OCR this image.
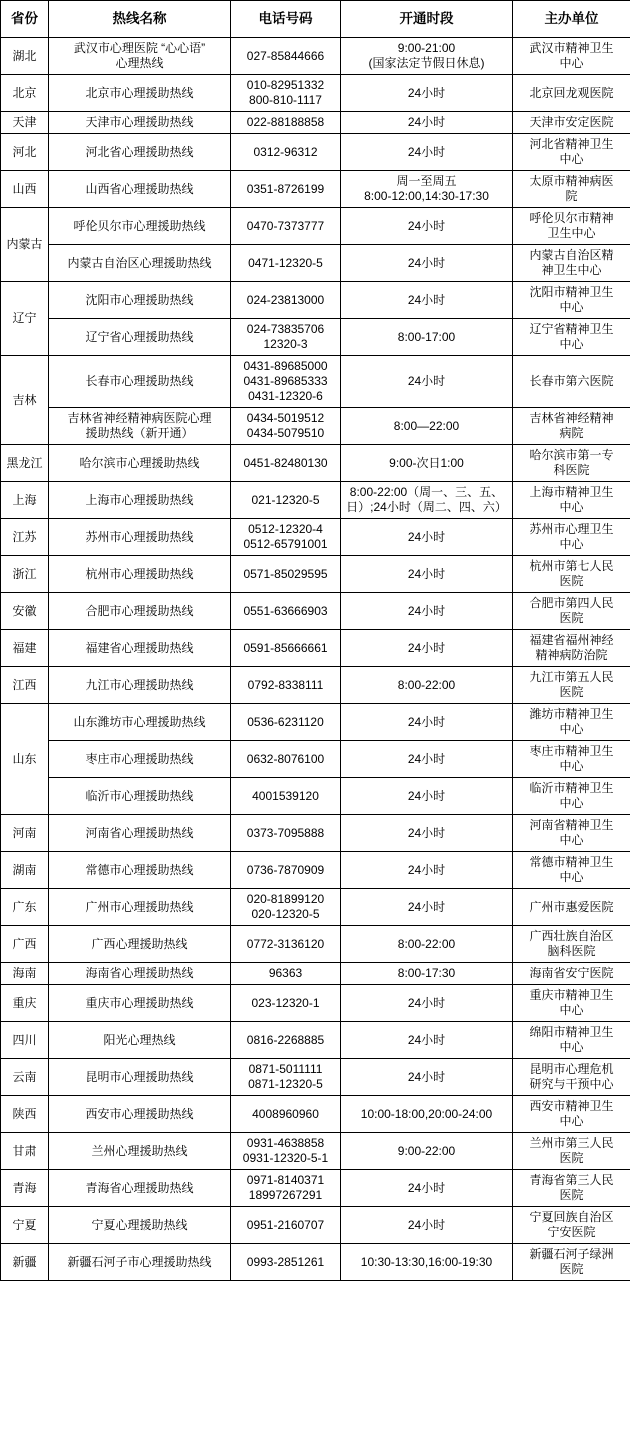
省份	热线名称	电话号码	开通时段	主办单位
湖北	武汉市心理医院 “心心语”
心理热线	027-85844666	9:00-21:00
(国家法定节假日休息)	武汉市精神卫生
中心

北京	北京市心理援助热线	010-82951332
800-810-1117	24小时	北京回龙观医院

天津	天津市心理援助热线	022-88188858	24小时	天津市安定医院

河北	河北省心理援助热线	0312-96312	24小时	河北省精神卫生
中心

山西	山西省心理援助热线	0351-8726199	周一至周五
8:00-12:00,14:30-17:30	太原市精神病医
院

内蒙古	呼伦贝尔市心理援助热线	0470-7373777	24小时	呼伦贝尔市精神
卫生中心

	内蒙古自治区心理援助热线	0471-12320-5	24小时	内蒙古自治区精
神卫生中心

辽宁	沈阳市心理援助热线	024-23813000	24小时	沈阳市精神卫生
中心

	辽宁省心理援助热线	024-73835706
12320-3	8:00-17:00	辽宁省精神卫生
中心

吉林	长春市心理援助热线	0431-89685000
0431-89685333
0431-12320-6	24小时	长春市第六医院

	吉林省神经精神病医院心理
援助热线（新开通）	0434-5019512
0434-5079510	8:00—22:00	吉林省神经精神
病院

黑龙江	哈尔滨市心理援助热线	0451-82480130	9:00-次日1:00	哈尔滨市第一专
科医院

上海	上海市心理援助热线	021-12320-5	8:00-22:00（周一、三、五、
日）;24小时（周二、四、六）	上海市精神卫生
中心

江苏	苏州市心理援助热线	0512-12320-4
0512-65791001	24小时	苏州市心理卫生
中心

浙江	杭州市心理援助热线	0571-85029595	24小时	杭州市第七人民
医院

安徽	合肥市心理援助热线	0551-63666903	24小时	合肥市第四人民
医院

福建	福建省心理援助热线	0591-85666661	24小时	福建省福州神经
精神病防治院

江西	九江市心理援助热线	0792-8338111	8:00-22:00	九江市第五人民
医院

山东	山东潍坊市心理援助热线	0536-6231120	24小时	潍坊市精神卫生
中心

	枣庄市心理援助热线	0632-8076100	24小时	枣庄市精神卫生
中心

	临沂市心理援助热线	4001539120	24小时	临沂市精神卫生
中心

河南	河南省心理援助热线	0373-7095888	24小时	河南省精神卫生
中心

湖南	常德市心理援助热线	0736-7870909	24小时	常德市精神卫生
中心

广东	广州市心理援助热线	020-81899120
020-12320-5	24小时	广州市惠爱医院

广西	广西心理援助热线	0772-3136120	8:00-22:00	广西壮族自治区
脑科医院

海南	海南省心理援助热线	96363	8:00-17:30	海南省安宁医院

重庆	重庆市心理援助热线	023-12320-1	24小时	重庆市精神卫生
中心

四川	阳光心理热线	0816-2268885	24小时	绵阳市精神卫生
中心

云南	昆明市心理援助热线	0871-5011111
0871-12320-5	24小时	昆明市心理危机
研究与干预中心

陕西	西安市心理援助热线	4008960960	10:00-18:00,20:00-24:00	西安市精神卫生
中心

甘肃	兰州心理援助热线	0931-4638858
0931-12320-5-1	9:00-22:00	兰州市第三人民
医院

青海	青海省心理援助热线	0971-8140371
18997267291	24小时	青海省第三人民
医院

宁夏	宁夏心理援助热线	0951-2160707	24小时	宁夏回族自治区
宁安医院

新疆	新疆石河子市心理援助热线	0993-2851261	10:30-13:30,16:00-19:30	新疆石河子绿洲
医院
